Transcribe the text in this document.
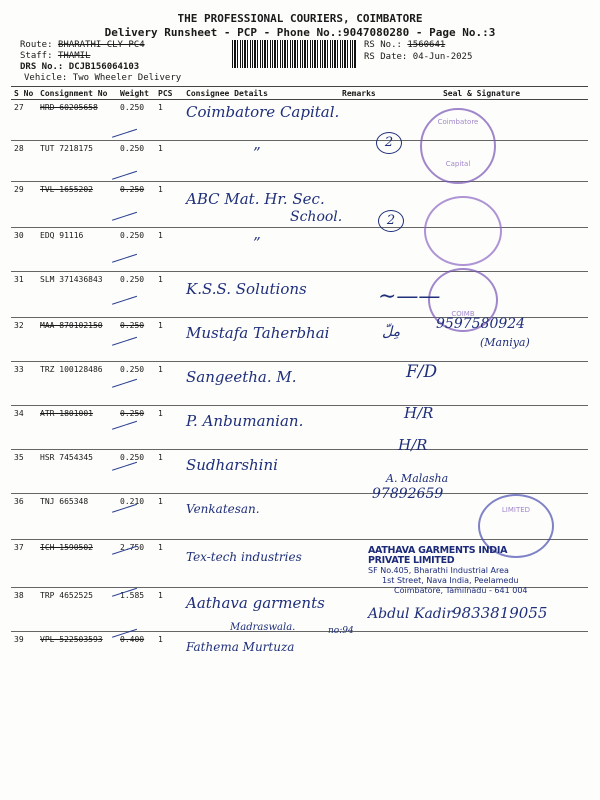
THE PROFESSIONAL COURIERS, COIMBATORE
Delivery Runsheet - PCP - Phone No.:9047080280 - Page No.:3
Route: BHARATHI CLY PC4
Staff: THAMIL
DRS No.: DCJB156064103
Vehicle: Two Wheeler Delivery
RS No.: 1560641
RS Date: 04-Jun-2025
S No	Consignment No	Weight	PCS	Consignee Details	Remarks	Seal & Signature
27	HRD 60205658	0.250	1	Coimbatore Capital.		
28	TUT 7218175	0.250	1	”		
29	TVL 1655202	0.250	1	ABC Mat. Hr. Sec.		
30	EDQ 91116	0.250	1	”		
31	SLM 371436843	0.250	1	K.S.S. Solutions		
32	MAA 870102150	0.250	1	Mustafa Taherbhai		
33	TRZ 100128486	0.250	1	Sangeetha. M.		
34	ATR 1801001	0.250	1	P. Anbumanian.		
35	HSR 7454345	0.250	1	Sudharshini		
36	TNJ 665348	0.210	1	Venkatesan.		
37	ICH 1590502	2.750	1	Tex-tech industries		
38	TRP 4652525	1.585	1	Aathava garments		
39	VPL 522503593	0.400	1	Fathema Murtuza		
School.
Madraswala.	no:94
2
2
Coimbatore
Capital
COIMB
LIMITED
∼——
مِلّ	9597580924
(Maniya)
F/D
H/R
H/R
A. Malasha
97892659
Abdul Kadir 9833819055
AATHAVA GARMENTS INDIA PRIVATE LIMITED
SF No.405, Bharathi Industrial Area
1st Street, Nava India, Peelamedu
Coimbatore, Tamilnadu - 641 004
